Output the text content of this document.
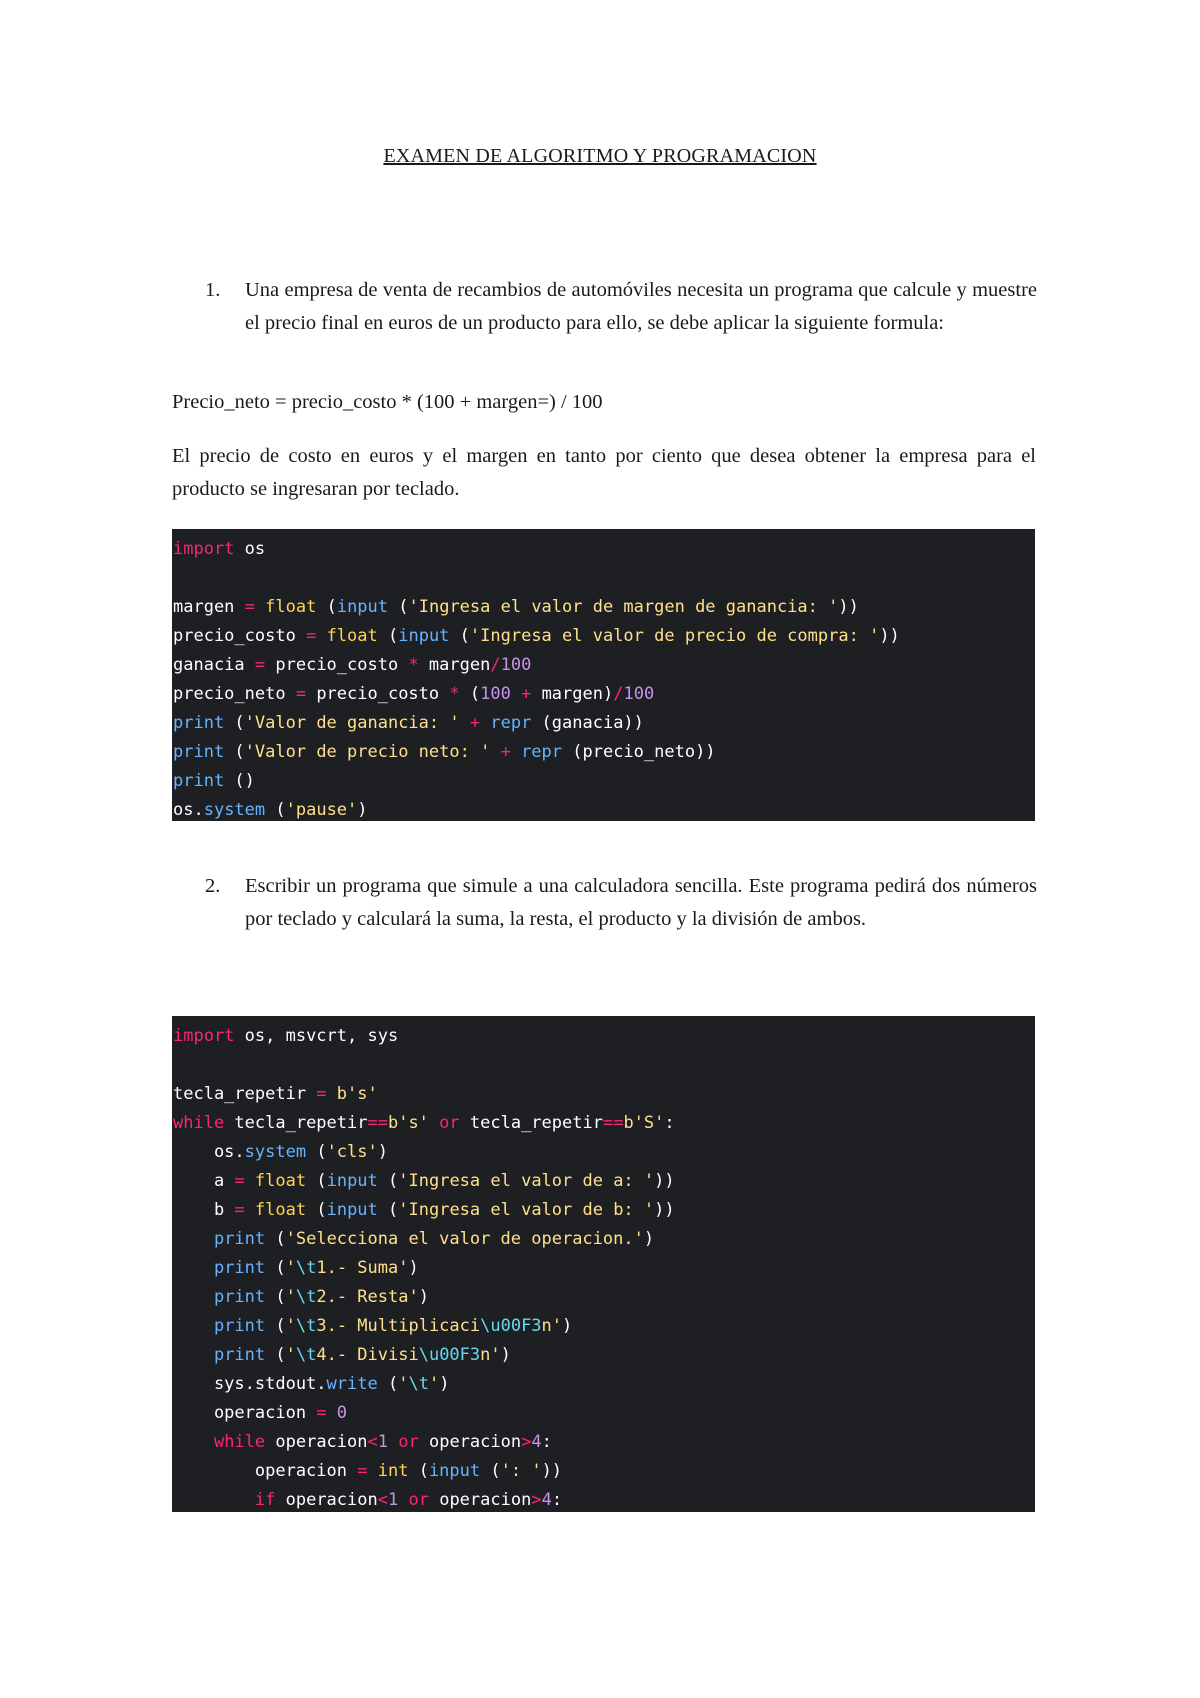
EXAMEN DE ALGORITMO Y PROGRAMACION
1. Una empresa de venta de recambios de automóviles necesita un programa que calcule y muestre el precio final en euros de un producto para ello, se debe aplicar la siguiente formula:
Precio_neto = precio_costo * (100 + margen=) / 100
El precio de costo en euros y el margen en tanto por ciento que desea obtener la empresa para el producto se ingresaran por teclado.
import os

margen = float (input ('Ingresa el valor de margen de ganancia: '))
precio_costo = float (input ('Ingresa el valor de precio de compra: '))
ganacia = precio_costo * margen/100
precio_neto = precio_costo * (100 + margen)/100
print ('Valor de ganancia: ' + repr (ganacia))
print ('Valor de precio neto: ' + repr (precio_neto))
print ()
os.system ('pause')
2. Escribir un programa que simule a una calculadora sencilla. Este programa pedirá dos números por teclado y calculará la suma, la resta, el producto y la división de ambos.
import os, msvcrt, sys

tecla_repetir = b's'
while tecla_repetir==b's' or tecla_repetir==b'S':
os.system ('cls')
a = float (input ('Ingresa el valor de a: '))
b = float (input ('Ingresa el valor de b: '))
print ('Selecciona el valor de operacion.')
print ('\t1.- Suma')
print ('\t2.- Resta')
print ('\t3.- Multiplicaci\u00F3n')
print ('\t4.- Divisi\u00F3n')
sys.stdout.write ('\t')
operacion = 0
while operacion<1 or operacion>4:
operacion = int (input (': '))
if operacion<1 or operacion>4:
